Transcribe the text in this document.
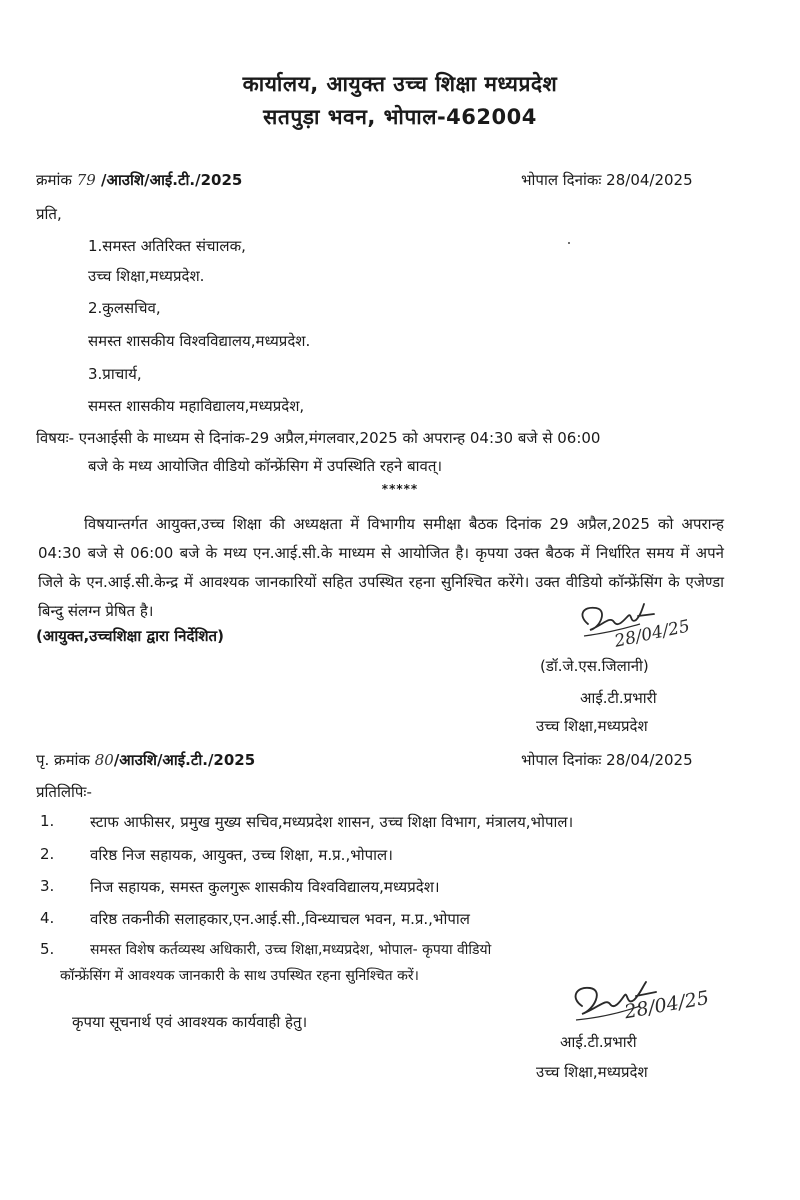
कार्यालय, आयुक्त उच्च शिक्षा मध्यप्रदेश
सतपुड़ा भवन, भोपाल-462004
क्रमांक 79 /आउशि/आई.टी./2025	भोपाल दिनांकः 28/04/2025
प्रति,
1.समस्त अतिरिक्त संचालक,
उच्च शिक्षा,मध्यप्रदेश.
2.कुलसचिव,
समस्त शासकीय विश्वविद्यालय,मध्यप्रदेश.
3.प्राचार्य,
समस्त शासकीय महाविद्यालय,मध्यप्रदेश,
विषयः- एनआईसी के माध्यम से दिनांक-29 अप्रैल,मंगलवार,2025 को अपरान्ह 04:30 बजे से 06:00
बजे के मध्य आयोजित वीडियो कॉन्फ्रेंसिग में उपस्थिति रहने बावत्।
*****
विषयान्तर्गत आयुक्त,उच्च शिक्षा की अध्यक्षता में विभागीय समीक्षा बैठक दिनांक 29 अप्रैल,2025 को अपरान्ह 04:30 बजे से 06:00 बजे के मध्य एन.आई.सी.के माध्यम से आयोजित है। कृपया उक्त बैठक में निर्धारित समय में अपने जिले के एन.आई.सी.केन्द्र में आवश्यक जानकारियों सहित उपस्थित रहना सुनिश्चित करेंगे। उक्त वीडियो कॉन्फ्रेंसिंग के एजेण्डा बिन्दु संलग्न प्रेषित है।
(आयुक्त,उच्चशिक्षा द्वारा निर्देशित)	28/04/25
(डॉ.जे.एस.जिलानी)
आई.टी.प्रभारी
उच्च शिक्षा,मध्यप्रदेश
पृ. क्रमांक 80/आउशि/आई.टी./2025	भोपाल दिनांकः 28/04/2025
प्रतिलिपिः-
1. स्टाफ आफीसर, प्रमुख मुख्य सचिव,मध्यप्रदेश शासन, उच्च शिक्षा विभाग, मंत्रालय,भोपाल।
2. वरिष्ठ निज सहायक, आयुक्त, उच्च शिक्षा, म.प्र.,भोपाल।
3. निज सहायक, समस्त कुलगुरू शासकीय विश्वविद्यालय,मध्यप्रदेश।
4. वरिष्ठ तकनीकी सलाहकार,एन.आई.सी.,विन्ध्याचल भवन, म.प्र.,भोपाल
5.	समस्त विशेष कर्तव्यस्थ अधिकारी, उच्च शिक्षा,मध्यप्रदेश, भोपाल- कृपया वीडियो
कॉन्फ्रेंसिंग में आवश्यक जानकारी के साथ उपस्थित रहना सुनिश्चित करें।
28/04/25
कृपया सूचनार्थ एवं आवश्यक कार्यवाही हेतु।
आई.टी.प्रभारी
उच्च शिक्षा,मध्यप्रदेश
